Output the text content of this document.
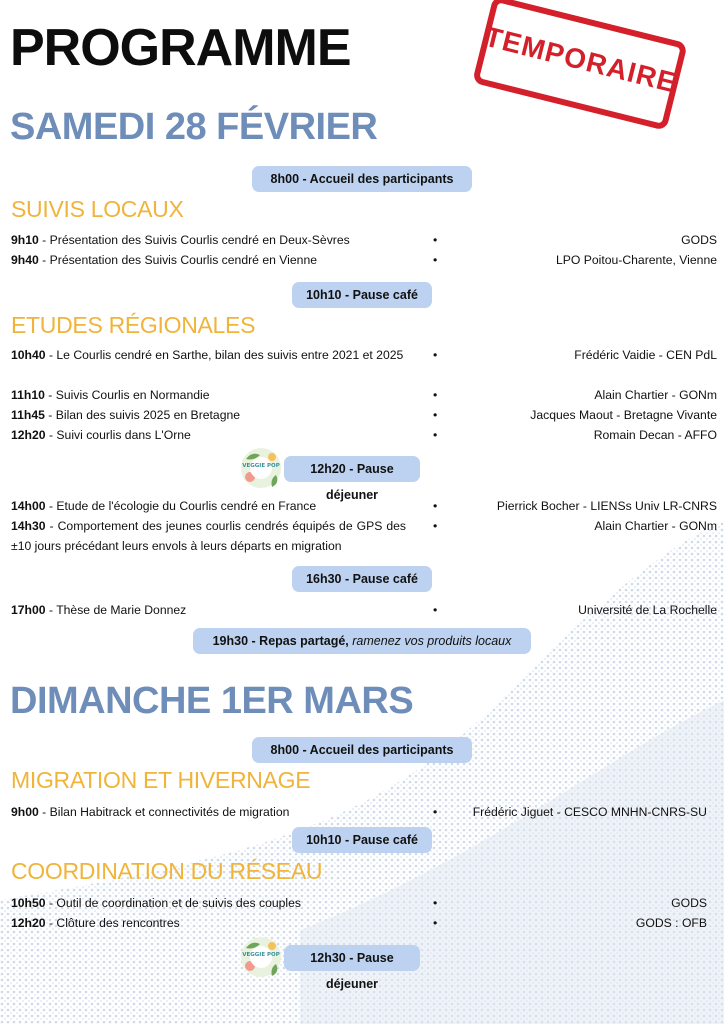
PROGRAMME	TEMPORAIRE
SAMEDI 28 FÉVRIER
8h00 - Accueil des participants
SUIVIS LOCAUX
9h10 - Présentation des Suivis Courlis cendré en Deux-Sèvres	•	GODS
9h40 - Présentation des Suivis Courlis cendré en Vienne	•	LPO Poitou-Charente, Vienne
10h10 - Pause café
ETUDES RÉGIONALES
10h40 - Le Courlis cendré en Sarthe, bilan des suivis entre 2021 et 2025 •	Frédéric Vaidie - CEN PdL
11h10 - Suivis Courlis en Normandie	•	Alain Chartier - GONm
11h45 - Bilan des suivis 2025 en Bretagne	•	Jacques Maout - Bretagne Vivante
12h20 - Suivi courlis dans L'Orne	•	Romain Decan - AFFO
VEGGIE POP	12h20 - Pause déjeuner
14h00 - Etude de l'écologie du Courlis cendré en France	•	Pierrick Bocher - LIENSs Univ LR-CNRS
14h30 - Comportement des jeunes courlis cendrés équipés de GPS des ±10 jours précédant leurs envols à leurs départs en migration
•	Alain Chartier - GONm
16h30 - Pause café
17h00 - Thèse de Marie Donnez	•	Université de La Rochelle
19h30 - Repas partagé, ramenez vos produits locaux
DIMANCHE 1ER MARS
8h00 - Accueil des participants
MIGRATION ET HIVERNAGE
9h00 - Bilan Habitrack et connectivités de migration	•	Frédéric Jiguet - CESCO MNHN-CNRS-SU
10h10 - Pause café
COORDINATION DU RÉSEAU
10h50 - Outil de coordination et de suivis des couples	•	GODS
12h20 - Clôture des rencontres	•	GODS : OFB
VEGGIE POP	12h30 - Pause déjeuner
